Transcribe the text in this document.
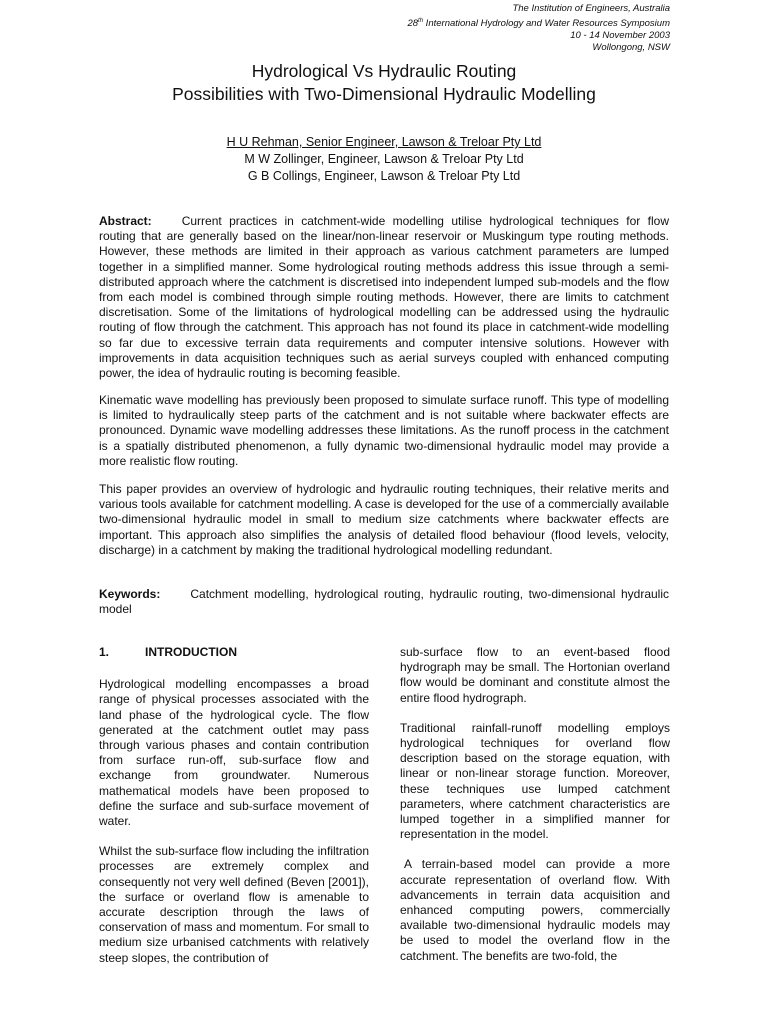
The Institution of Engineers, Australia
28th International Hydrology and Water Resources Symposium
10 - 14 November 2003
Wollongong, NSW
Hydrological Vs Hydraulic Routing
Possibilities with Two-Dimensional Hydraulic Modelling
H U Rehman, Senior Engineer, Lawson & Treloar Pty Ltd
M W Zollinger, Engineer, Lawson & Treloar Pty Ltd
G B Collings, Engineer, Lawson & Treloar Pty Ltd

Abstract:	Current practices in catchment-wide modelling utilise hydrological techniques for flow routing that are generally based on the linear/non-linear reservoir or Muskingum type routing methods. However, these methods are limited in their approach as various catchment parameters are lumped together in a simplified manner. Some hydrological routing methods address this issue through a semi-distributed approach where the catchment is discretised into independent lumped sub-models and the flow from each model is combined through simple routing methods. However, there are limits to catchment discretisation. Some of the limitations of hydrological modelling can be addressed using the hydraulic routing of flow through the catchment. This approach has not found its place in catchment-wide modelling so far due to excessive terrain data requirements and computer intensive solutions. However with improvements in data acquisition techniques such as aerial surveys coupled with enhanced computing power, the idea of hydraulic routing is becoming feasible.

Kinematic wave modelling has previously been proposed to simulate surface runoff. This type of modelling is limited to hydraulically steep parts of the catchment and is not suitable where backwater effects are pronounced. Dynamic wave modelling addresses these limitations. As the runoff process in the catchment is a spatially distributed phenomenon, a fully dynamic two-dimensional hydraulic model may provide a more realistic flow routing.

This paper provides an overview of hydrologic and hydraulic routing techniques, their relative merits and various tools available for catchment modelling. A case is developed for the use of a commercially available two-dimensional hydraulic model in small to medium size catchments where backwater effects are important. This approach also simplifies the analysis of detailed flood behaviour (flood levels, velocity, discharge) in a catchment by making the traditional hydrological modelling redundant.

Keywords:	Catchment modelling, hydrological routing, hydraulic routing, two-dimensional hydraulic model

1.	INTRODUCTION

Hydrological modelling encompasses a broad range of physical processes associated with the land phase of the hydrological cycle. The flow generated at the catchment outlet may pass through various phases and contain contribution from surface run-off, sub-surface flow and exchange from groundwater. Numerous mathematical models have been proposed to define the surface and sub-surface movement of water.

Whilst the sub-surface flow including the infiltration processes are extremely complex and consequently not very well defined (Beven [2001]), the surface or overland flow is amenable to accurate description through the laws of conservation of mass and momentum. For small to medium size urbanised catchments with relatively steep slopes, the contribution of

sub-surface flow to an event-based flood hydrograph may be small. The Hortonian overland flow would be dominant and constitute almost the entire flood hydrograph.

Traditional rainfall-runoff modelling employs hydrological techniques for overland flow description based on the storage equation, with linear or non-linear storage function. Moreover, these techniques use lumped catchment parameters, where catchment characteristics are lumped together in a simplified manner for representation in the model.

A terrain-based model can provide a more accurate representation of overland flow. With advancements in terrain data acquisition and enhanced computing powers, commercially available two-dimensional hydraulic models may be used to model the overland flow in the catchment. The benefits are two-fold, the
